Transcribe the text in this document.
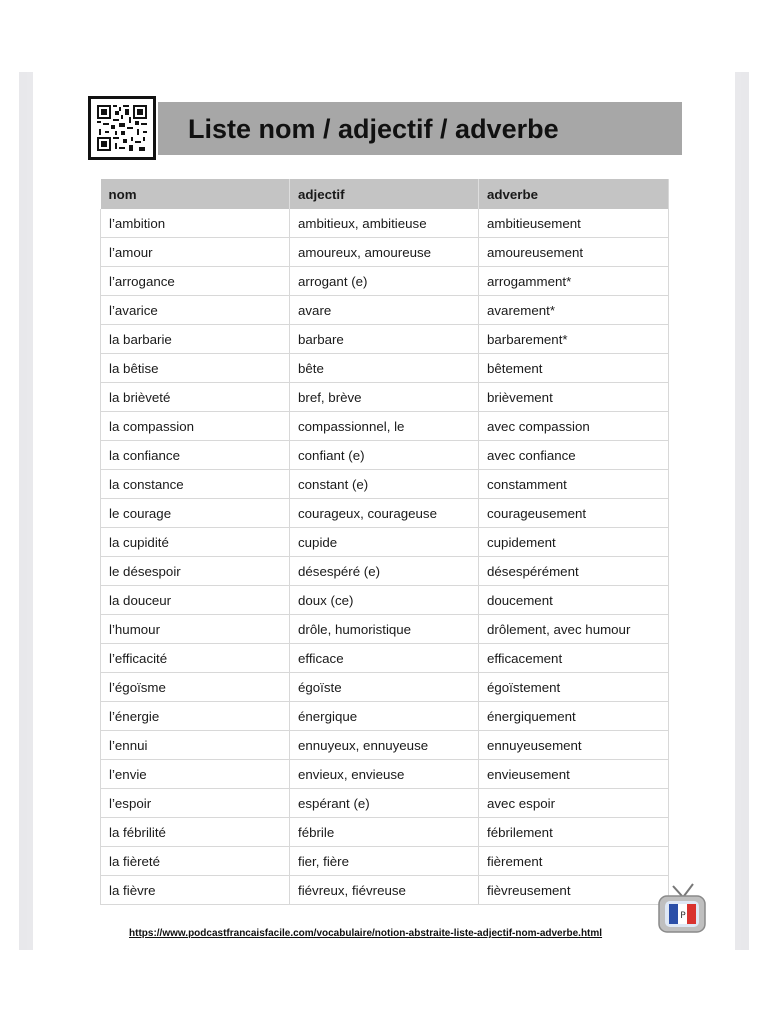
Liste nom / adjectif / adverbe
nom	adjectif	adverbe
l’ambition	ambitieux, ambitieuse	ambitieusement
l’amour	amoureux, amoureuse	amoureusement
l’arrogance	arrogant (e)	arrogamment*
l’avarice	avare	avarement*
la barbarie	barbare	barbarement*
la bêtise	bête	bêtement
la brièveté	bref, brève	brièvement
la compassion	compassionnel, le	avec compassion
la confiance	confiant (e)	avec confiance
la constance	constant (e)	constamment
le courage	courageux, courageuse	courageusement
la cupidité	cupide	cupidement
le désespoir	désespéré (e)	désespérément
la douceur	doux (ce)	doucement
l’humour	drôle, humoristique	drôlement, avec humour
l’efficacité	efficace	efficacement
l’égoïsme	égoïste	égoïstement
l’énergie	énergique	énergiquement
l’ennui	ennuyeux, ennuyeuse	ennuyeusement
l’envie	envieux, envieuse	envieusement
l’espoir	espérant (e)	avec espoir
la fébrilité	fébrile	fébrilement
la fièreté	fier, fière	fièrement
la fièvre	fiévreux, fiévreuse	fièvreusement
https://www.podcastfrancaisfacile.com/vocabulaire/notion-abstraite-liste-adjectif-nom-adverbe.html
P
